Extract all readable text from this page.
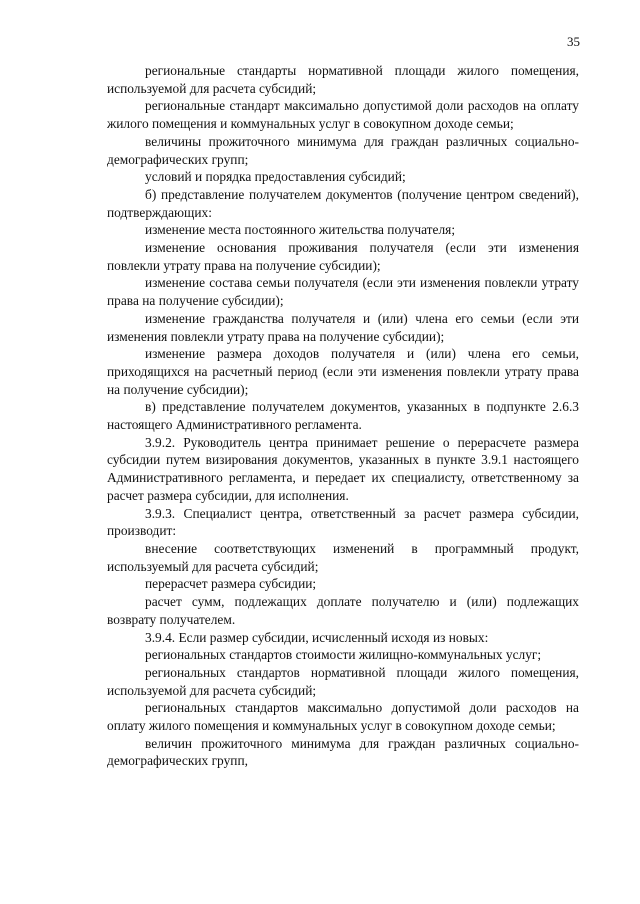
35

региональные стандарты нормативной площади жилого помещения, используемой для расчета субсидий;

региональные стандарт максимально допустимой доли расходов на оплату жилого помещения и коммунальных услуг в совокупном доходе семьи;

величины прожиточного минимума для граждан различных социально-демографических групп;

условий и порядка предоставления субсидий;

б) представление получателем документов (получение центром сведений), подтверждающих:

изменение места постоянного жительства получателя;

изменение основания проживания получателя (если эти изменения повлекли утрату права на получение субсидии);

изменение состава семьи получателя (если эти изменения повлекли утрату права на получение субсидии);

изменение гражданства получателя и (или) члена его семьи (если эти изменения повлекли утрату права на получение субсидии);

изменение размера доходов получателя и (или) члена его семьи, приходящихся на расчетный период (если эти изменения повлекли утрату права на получение субсидии);

в) представление получателем документов, указанных в подпункте 2.6.3 настоящего Административного регламента.

3.9.2. Руководитель центра принимает решение о перерасчете размера субсидии путем визирования документов, указанных в пункте 3.9.1 настоящего Административного регламента, и передает их специалисту, ответственному за расчет размера субсидии, для исполнения.

3.9.3. Специалист центра, ответственный за расчет размера субсидии, производит:

внесение соответствующих изменений в программный продукт, используемый для расчета субсидий;

перерасчет размера субсидии;

расчет сумм, подлежащих доплате получателю и (или) подлежащих возврату получателем.

3.9.4. Если размер субсидии, исчисленный исходя из новых:

региональных стандартов стоимости жилищно-коммунальных услуг;

региональных стандартов нормативной площади жилого помещения, используемой для расчета субсидий;

региональных стандартов максимально допустимой доли расходов на оплату жилого помещения и коммунальных услуг в совокупном доходе семьи;

величин прожиточного минимума для граждан различных социально-демографических групп,
